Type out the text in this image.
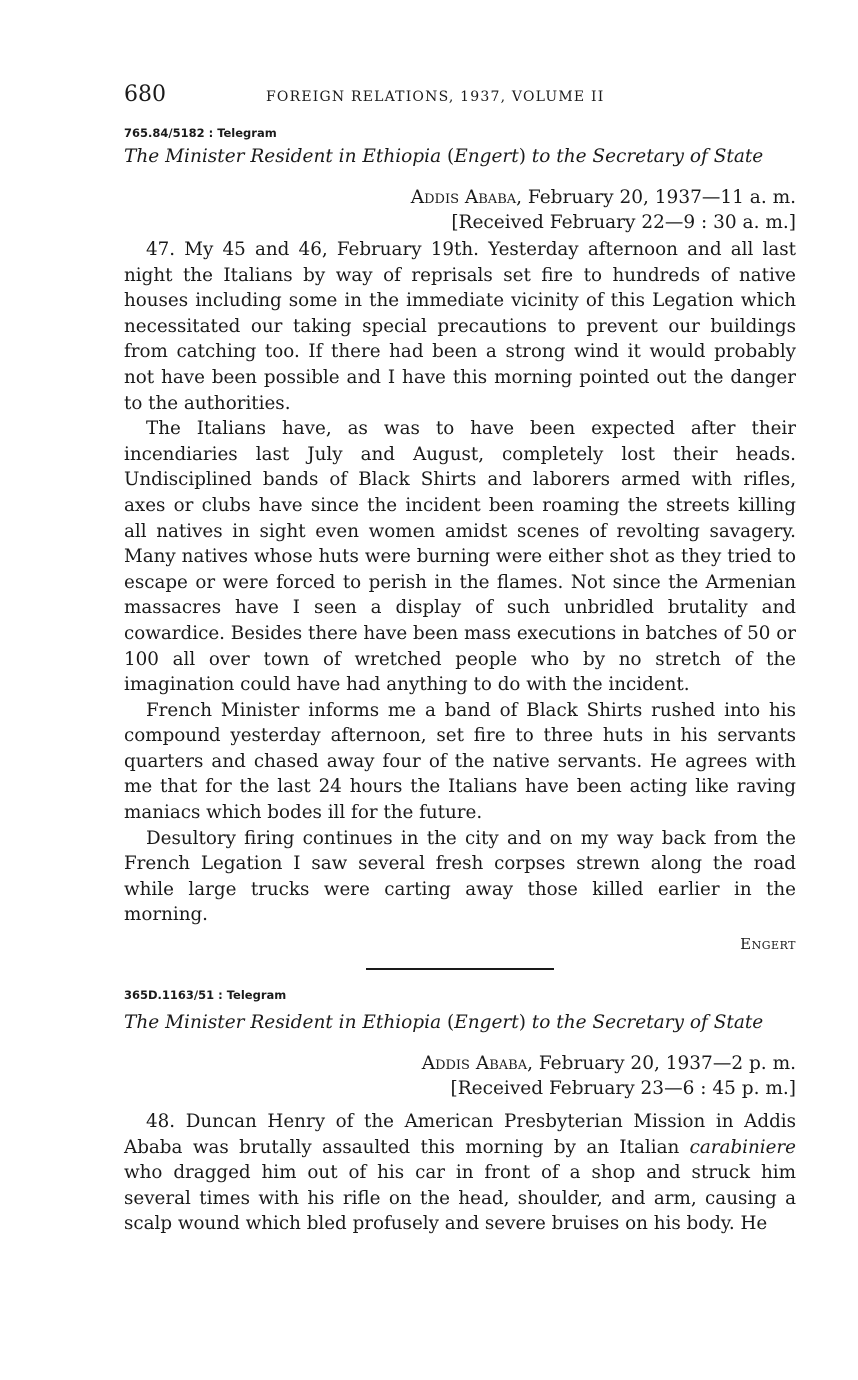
680	FOREIGN RELATIONS, 1937, VOLUME II
765.84/5182 : Telegram
The Minister Resident in Ethiopia (Engert) to the Secretary of State
Addis Ababa, February 20, 1937—11 a. m.
[Received February 22—9 : 30 a. m.]

47. My 45 and 46, February 19th. Yesterday afternoon and all last night the Italians by way of reprisals set fire to hundreds of native houses including some in the immediate vicinity of this Legation which necessitated our taking special precautions to prevent our buildings from catching too. If there had been a strong wind it would probably not have been possible and I have this morning pointed out the danger to the authorities.

The Italians have, as was to have been expected after their incendiaries last July and August, completely lost their heads. Undisciplined bands of Black Shirts and laborers armed with rifles, axes or clubs have since the incident been roaming the streets killing all natives in sight even women amidst scenes of revolting savagery. Many natives whose huts were burning were either shot as they tried to escape or were forced to perish in the flames. Not since the Armenian massacres have I seen a display of such unbridled brutality and cowardice. Besides there have been mass executions in batches of 50 or 100 all over town of wretched people who by no stretch of the imagination could have had anything to do with the incident.

French Minister informs me a band of Black Shirts rushed into his compound yesterday afternoon, set fire to three huts in his servants quarters and chased away four of the native servants. He agrees with me that for the last 24 hours the Italians have been acting like raving maniacs which bodes ill for the future.

Desultory firing continues in the city and on my way back from the French Legation I saw several fresh corpses strewn along the road while large trucks were carting away those killed earlier in the morning.

Engert
365D.1163/51 : Telegram
The Minister Resident in Ethiopia (Engert) to the Secretary of State
Addis Ababa, February 20, 1937—2 p. m.
[Received February 23—6 : 45 p. m.]

48. Duncan Henry of the American Presbyterian Mission in Addis Ababa was brutally assaulted this morning by an Italian carabiniere who dragged him out of his car in front of a shop and struck him several times with his rifle on the head, shoulder, and arm, causing a scalp wound which bled profusely and severe bruises on his body. He
